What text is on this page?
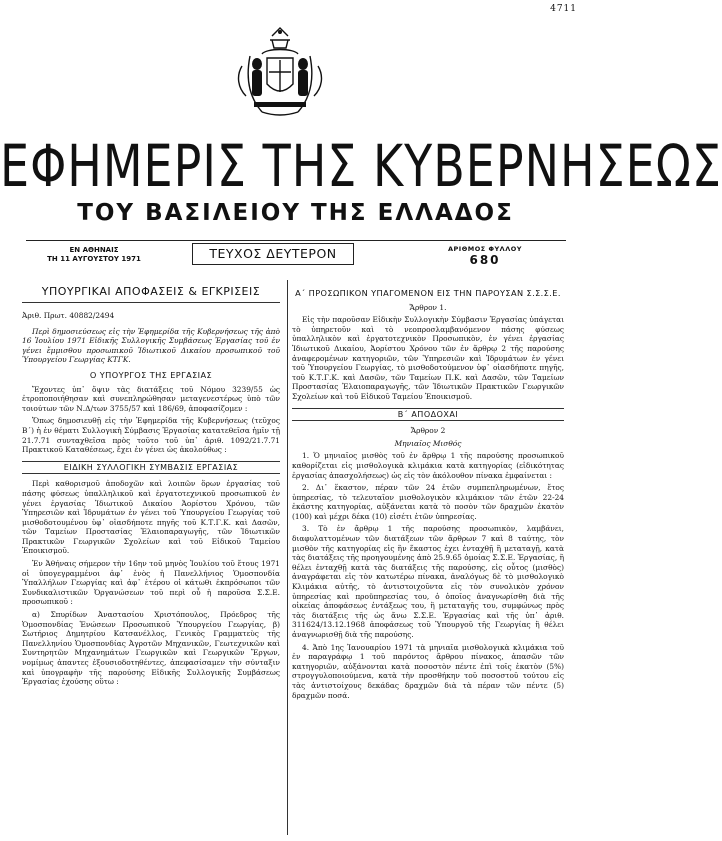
4711
ΕΦΗΜΕΡΙΣ ΤΗΣ ΚΥΒΕΡΝΗΣΕΩΣ
ΤΟΥ ΒΑΣΙΛΕΙΟΥ ΤΗΣ ΕΛΛΑΔΟΣ
ΕΝ ΑΘΗΝΑΙΣ
ΤΗ 11 ΑΥΓΟΥΣΤΟΥ 1971	ΤΕΥΧΟΣ ΔΕΥΤΕΡΟΝ	ΑΡΙΘΜΟΣ ΦΥΛΛΟΥ
680
ΥΠΟΥΡΓΙΚΑΙ ΑΠΟΦΑΣΕΙΣ & ΕΓΚΡΙΣΕΙΣ
Ἀριθ. Πρωτ. 40882/2494

Περὶ δημοσιεύσεως εἰς τὴν Ἐφημερίδα τῆς Κυβερνήσεως τῆς ἀπὸ 16 Ἰουλίου 1971 Εἰδικῆς Συλλογικῆς Συμβάσεως Ἐργασίας τοῦ ἐν γένει ἔμμισθου προσωπικοῦ Ἰδιωτικοῦ Δικαίου προσωπικοῦ τοῦ Ὑπουργείου Γεωργίας ΚΤΓΚ.

Ο ΥΠΟΥΡΓΟΣ ΤΗΣ ΕΡΓΑΣΙΑΣ

Ἔχοντες ὑπ᾽ ὄψιν τὰς διατάξεις τοῦ Νόμου 3239/55 ὡς ἐτροποποιήθησαν καὶ συνεπληρώθησαν μεταγενεστέρως ὑπὸ τῶν τοιούτων τῶν Ν.Δ/των 3755/57 καὶ 186/69, ἀποφασίζομεν :

Ὅπως δημοσιευθῇ εἰς τὴν Ἐφημερίδα τῆς Κυβερνήσεως (τεῦχος Β΄) ἡ ἐν θέματι Συλλογικὴ Σύμβασις Ἐργασίας κατατεθεῖσα ἡμῖν τῇ 21.7.71 συνταχθεῖσα πρὸς τοῦτο τοῦ ὑπ᾽ ἀριθ. 1092/21.7.71 Πρακτικοῦ Καταθέσεως, ἔχει ἐν γένει ὡς ἀκολούθως :

ΕΙΔΙΚΗ ΣΥΛΛΟΓΙΚΗ ΣΥΜΒΑΣΙΣ ΕΡΓΑΣΙΑΣ

Περὶ καθορισμοῦ ἀποδοχῶν καὶ λοιπῶν ὅρων ἐργασίας τοῦ πάσης φύσεως ὑπαλληλικοῦ καὶ ἐργατοτεχνικοῦ προσωπικοῦ ἐν γένει ἐργασίας Ἰδιωτικοῦ Δικαίου Ἀορίστου Χρόνου, τῶν Ὑπηρεσιῶν καὶ Ἱδρυμάτων ἐν γένει τοῦ Ὑπουργείου Γεωργίας τοῦ μισθοδοτουμένου ὑφ᾽ οἱασδήποτε πηγῆς τοῦ Κ.Τ.Γ.Κ. καὶ Δασῶν, τῶν Ταμείων Προστασίας Ἐλαιοπαραγωγῆς, τῶν Ἰδιωτικῶν Πρακτικῶν Γεωργικῶν Σχολείων καὶ τοῦ Εἰδικοῦ Ταμείου Ἐποικισμοῦ.

Ἐν Ἀθήναις σήμερον τὴν 16ην τοῦ μηνὸς Ἰουλίου τοῦ ἔτους 1971 οἱ ὑπογεγραμμένοι ἀφ᾽ ἑνὸς ἡ Πανελλήνιος Ὁμοσπονδία Ὑπαλλήλων Γεωργίας καὶ ἀφ᾽ ἑτέρου οἱ κάτωθι ἐκπρόσωποι τῶν Συνδικαλιστικῶν Ὀργανώσεων τοῦ περὶ οὗ ἡ παροῦσα Σ.Σ.Ε. προσωπικοῦ :

α) Σπυρίδων Ἀναστασίου Χριστόπουλος, Πρόεδρος τῆς Ὁμοσπονδίας Ἑνώσεων Προσωπικοῦ Ὑπουργείου Γεωργίας, β) Σωτήριος Δημητρίου Κατσανέλλος, Γενικὸς Γραμματεὺς τῆς Πανελληνίου Ὁμοσπονδίας Ἀγροτῶν Μηχανικῶν, Γεωτεχνικῶν καὶ Συντηρητῶν Μηχανημάτων Γεωργικῶν καὶ Γεωργικῶν Ἔργων, νομίμως ἀπαντες ἐξουσιοδοτηθέντες, ἀπεφασίσαμεν τὴν σύνταξιν καὶ ὑπογραφὴν τῆς παρούσης Εἰδικῆς Συλλογικῆς Συμβάσεως Ἐργασίας ἐχούσης οὕτω :

Α΄ ΠΡΟΣΩΠΙΚΟΝ ΥΠΑΓΟΜΕΝΟΝ ΕΙΣ ΤΗΝ ΠΑΡΟΥΣΑΝ Σ.Σ.Σ.Ε.
Ἄρθρον 1.

Εἰς τὴν παροῦσαν Εἰδικὴν Συλλογικὴν Σύμβασιν Ἐργασίας ὑπάγεται τὸ ὑπηρετοῦν καὶ τὸ νεοπροσλαμβανόμενον πάσης φύσεως ὑπαλληλικὸν καὶ ἐργατοτεχνικὸν Προσωπικὸν, ἐν γένει ἐργασίας Ἰδιωτικοῦ Δικαίου, Ἀορίστου Χρόνου τῶν ἐν ἄρθρῳ 2 τῆς παρούσης ἀναφερομένων κατηγοριῶν, τῶν Ὑπηρεσιῶν καὶ Ἱδρυμάτων ἐν γένει τοῦ Ὑπουργείου Γεωργίας, τὸ μισθοδοτούμενον ὑφ᾽ οἱασδήποτε πηγῆς, τοῦ Κ.Τ.Γ.Κ. καὶ Δασῶν, τῶν Ταμείων Π.Κ. καὶ Δασῶν, τῶν Ταμείων Προστασίας Ἐλαιοπαραγωγῆς, τῶν Ἰδιωτικῶν Πρακτικῶν Γεωργικῶν Σχολείων καὶ τοῦ Εἰδικοῦ Ταμείου Ἐποικισμοῦ.

Β΄ ΑΠΟΔΟΧΑΙ
Ἄρθρον 2
Μηνιαῖος Μισθός

1. Ὁ μηνιαῖος μισθὸς τοῦ ἐν ἄρθρῳ 1 τῆς παρούσης προσωπικοῦ καθορίζεται εἰς μισθολογικὰ κλιμάκια κατὰ κατηγορίας (εἰδικότητας ἐργασίας ἀπασχολήσεως) ὡς εἰς τὸν ἀκόλουθον πίνακα ἐμφαίνεται :

2. Δι᾽ ἕκαστον, πέραν τῶν 24 ἐτῶν συμπεπληρωμένων, ἔτος ὑπηρεσίας, τὸ τελευταῖον μισθολογικὸν κλιμάκιον τῶν ἐτῶν 22-24 ἑκάστης κατηγορίας, αὐξάνεται κατὰ τὸ ποσὸν τῶν δραχμῶν ἑκατὸν (100) καὶ μέχρι δέκα (10) εἰσέτι ἐτῶν ὑπηρεσίας.

3. Τὸ ἐν ἄρθρῳ 1 τῆς παρούσης προσωπικὸν, λαμβάνει, διαφυλαττομένων τῶν διατάξεων τῶν ἄρθρων 7 καὶ 8 ταύτης, τὸν μισθὸν τῆς κατηγορίας εἰς ἣν ἕκαστος ἐχει ἐνταχθῇ ἢ μεταταγῇ, κατὰ τὰς διατάξεις τῆς προηγουμένης ἀπὸ 25.9.65 ὁμοίας Σ.Σ.Ε. Ἐργασίας, ἢ θέλει ἐνταχθῇ κατὰ τὰς διατάξεις τῆς παρούσης, εἰς οὗτος (μισθὸς) ἀναγράφεται εἰς τὸν κατωτέρω πίνακα, ἀναλόγως δὲ τὸ μισθολογικὸ Κλιμάκια αὐτῆς, τὸ ἀντιστοιχοῦντα εἰς τὸν συνολικὸν χρόνον ὑπηρεσίας καὶ προϋπηρεσίας του, ὁ ὁποῖος ἀναγνωρίσθη διὰ τῆς οἰκείας ἀποφάσεως ἐντάξεως του, ἢ μεταταγῆς του, συμφώνως πρὸς τὰς διατάξεις τῆς ὡς ἄνω Σ.Σ.Ε. Ἐργασίας καὶ τῆς ὑπ᾽ ἀριθ. 311624/13.12.1968 ἀποφάσεως τοῦ Ὑπουργοῦ τῆς Γεωργίας ἢ θέλει ἀναγνωρισθῇ διὰ τῆς παρούσης.

4. Ἀπὸ 1ης Ἰανουαρίου 1971 τὰ μηνιαῖα μισθολογικὰ κλιμάκια τοῦ ἐν παραγράφῳ 1 τοῦ παρόντος ἄρθρου πίνακος, ἁπασῶν τῶν κατηγοριῶν, αὐξάνονται κατὰ ποσοστὸν πέντε ἐπὶ τοῖς ἑκατὸν (5%) στρογγυλοποιούμενα, κατὰ τὴν προσθήκην τοῦ ποσοστοῦ τούτου εἰς τὰς ἀντιστοίχους δεκάδας δραχμῶν διὰ τὰ πέραν τῶν πέντε (5) δραχμῶν ποσά.
